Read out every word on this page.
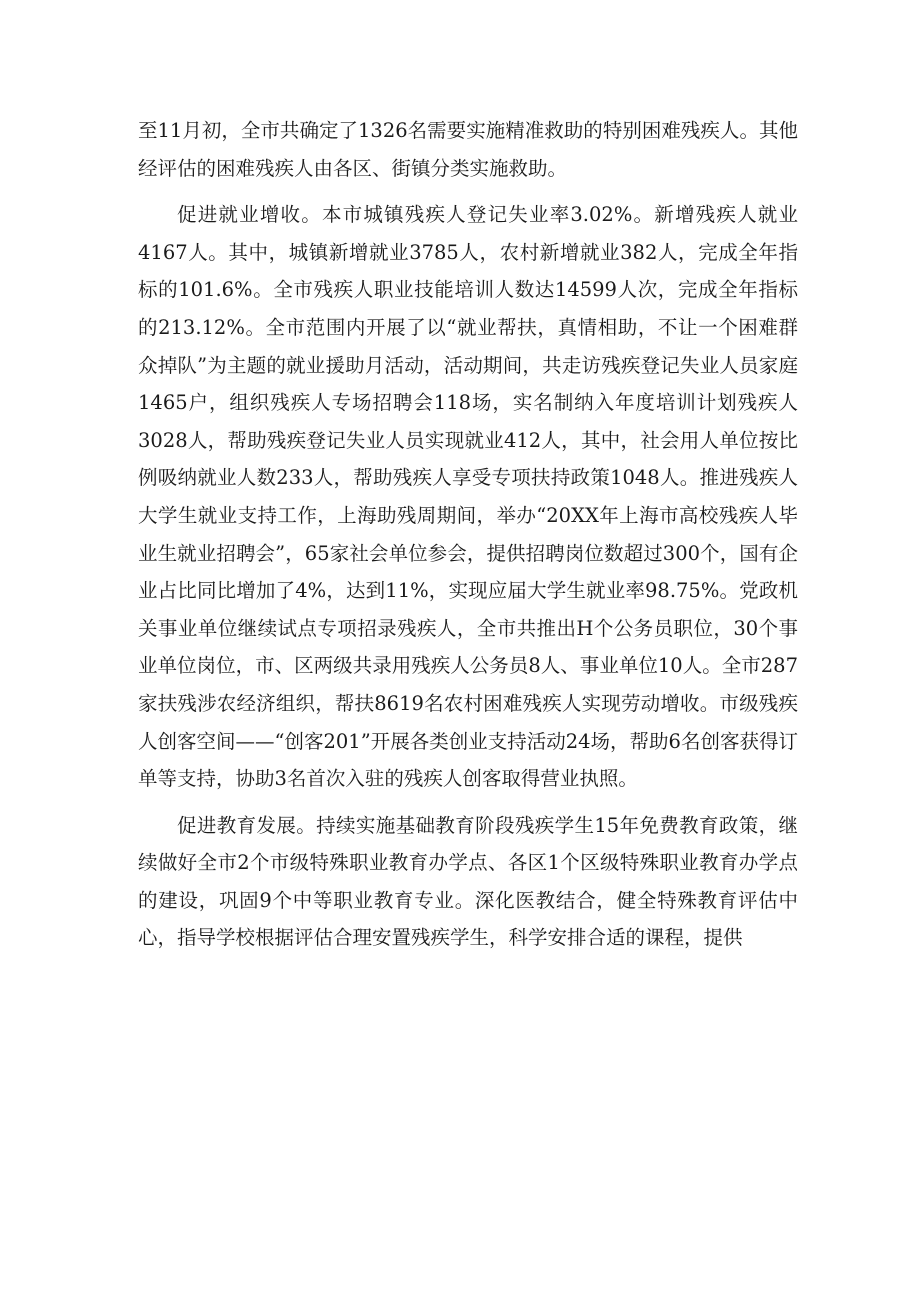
至11月初，全市共确定了1326名需要实施精准救助的特别困难残疾人。其他经评估的困难残疾人由各区、街镇分类实施救助。

促进就业增收。本市城镇残疾人登记失业率3.02%。新增残疾人就业4167人。其中，城镇新增就业3785人，农村新增就业382人，完成全年指标的101.6%。全市残疾人职业技能培训人数达14599人次，完成全年指标的213.12%。全市范围内开展了以“就业帮扶，真情相助，不让一个困难群众掉队”为主题的就业援助月活动，活动期间，共走访残疾登记失业人员家庭1465户，组织残疾人专场招聘会118场，实名制纳入年度培训计划残疾人3028人，帮助残疾登记失业人员实现就业412人，其中，社会用人单位按比例吸纳就业人数233人，帮助残疾人享受专项扶持政策1048人。推进残疾人大学生就业支持工作，上海助残周期间，举办“20XX年上海市高校残疾人毕业生就业招聘会”，65家社会单位参会，提供招聘岗位数超过300个，国有企业占比同比增加了4%，达到11%，实现应届大学生就业率98.75%。党政机关事业单位继续试点专项招录残疾人，全市共推出H个公务员职位，30个事业单位岗位，市、区两级共录用残疾人公务员8人、事业单位10人。全市287家扶残涉农经济组织，帮扶8619名农村困难残疾人实现劳动增收。市级残疾人创客空间——“创客201”开展各类创业支持活动24场，帮助6名创客获得订单等支持，协助3名首次入驻的残疾人创客取得营业执照。

促进教育发展。持续实施基础教育阶段残疾学生15年免费教育政策，继续做好全市2个市级特殊职业教育办学点、各区1个区级特殊职业教育办学点的建设，巩固9个中等职业教育专业。深化医教结合，健全特殊教育评估中心，指导学校根据评估合理安置残疾学生，科学安排合适的课程，提供
